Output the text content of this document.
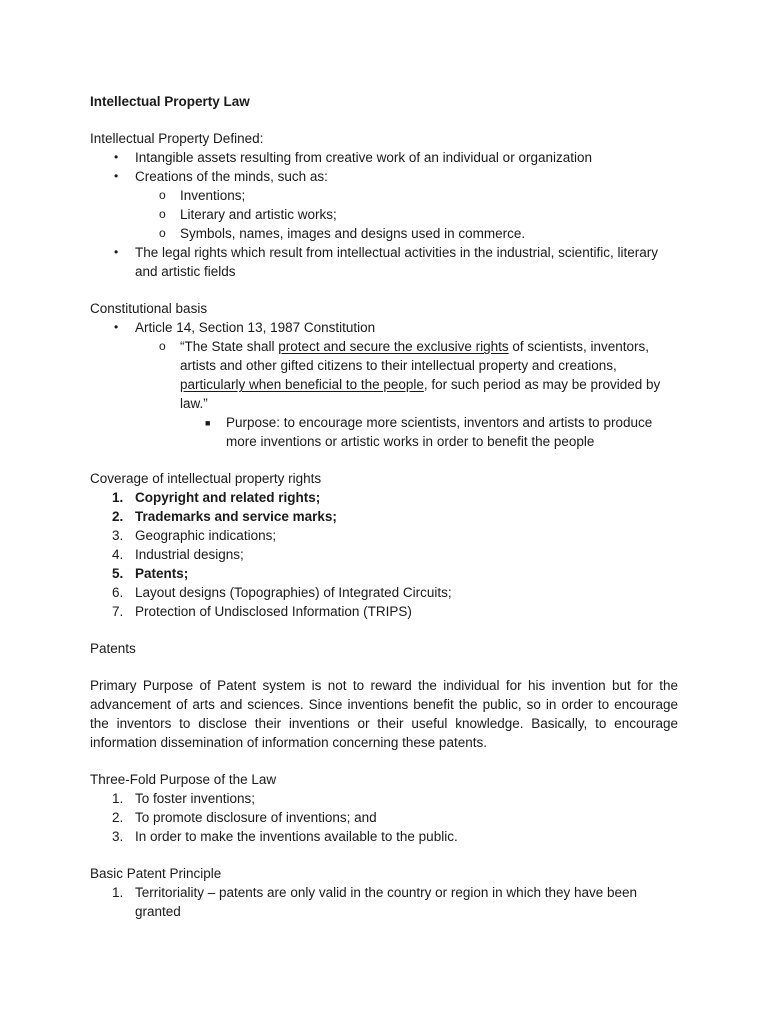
Intellectual Property Law

Intellectual Property Defined:

• Intangible assets resulting from creative work of an individual or organization
• Creations of the minds, such as:
o Inventions;
o Literary and artistic works;
o Symbols, names, images and designs used in commerce.
• The legal rights which result from intellectual activities in the industrial, scientific, literary and artistic fields

Constitutional basis

• Article 14, Section 13, 1987 Constitution
o “The State shall protect and secure the exclusive rights of scientists, inventors, artists and other gifted citizens to their intellectual property and creations, particularly when beneficial to the people, for such period as may be provided by law.”
■ Purpose: to encourage more scientists, inventors and artists to produce more inventions or artistic works in order to benefit the people

Coverage of intellectual property rights

1. Copyright and related rights;
2. Trademarks and service marks;
3. Geographic indications;
4. Industrial designs;
5. Patents;
6. Layout designs (Topographies) of Integrated Circuits;
7. Protection of Undisclosed Information (TRIPS)

Patents

Primary Purpose of Patent system is not to reward the individual for his invention but for the advancement of arts and sciences. Since inventions benefit the public, so in order to encourage the inventors to disclose their inventions or their useful knowledge. Basically, to encourage information dissemination of information concerning these patents.

Three-Fold Purpose of the Law

1. To foster inventions;
2. To promote disclosure of inventions; and
3. In order to make the inventions available to the public.

Basic Patent Principle

1. Territoriality – patents are only valid in the country or region in which they have been granted
